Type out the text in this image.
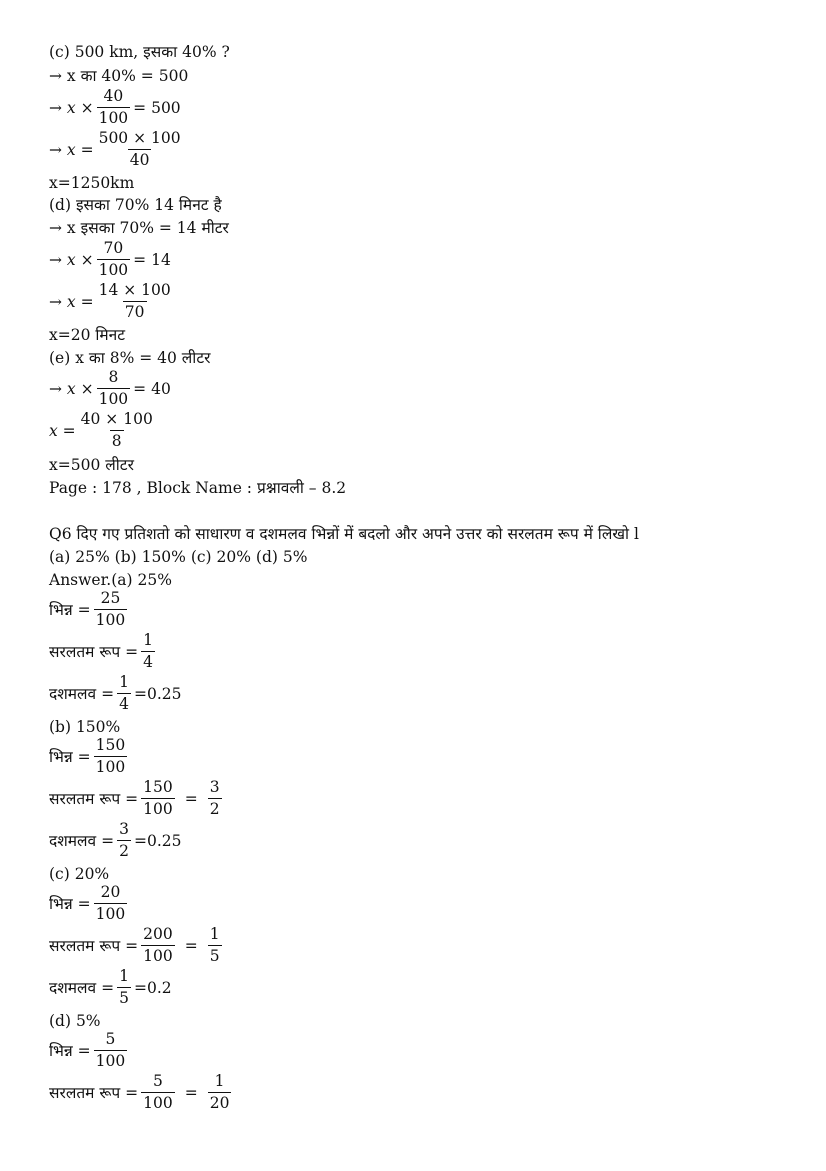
(c) 500 km, इसका 40% ?
→ x का 40% = 500
→ $x \times \frac{40}{100} = 500$
→ $x = \frac{500 \times 100}{40}$
x=1250km
(d) इसका 70% 14 मिनट है
→ x इसका 70% = 14 मीटर
→ $x \times \frac{70}{100} = 14$
→ $x = \frac{14 \times 100}{70}$
x=20 मिनट
(e) x का 8% = 40 लीटर
→ $x \times \frac{8}{100} = 40$
$x = \frac{40 \times 100}{8}$
x=500 लीटर
Page : 178 , Block Name : प्रश्नावली – 8.2
Q6 दिए गए प्रतिशतो को साधारण व दशमलव भिन्नों में बदलो और अपने उत्तर को सरलतम रूप में लिखो l
(a) 25% (b) 150% (c) 20% (d) 5%
Answer.(a) 25%
भिन्न = $\frac{25}{100}$
सरलतम रूप = $\frac{1}{4}$
दशमलव = $\frac{1}{4} =0.25$
(b) 150%
भिन्न = $\frac{150}{100}$
सरलतम रूप = $\frac{150}{100} = \frac{3}{2}$
दशमलव = $\frac{3}{2} =0.25$
(c) 20%
भिन्न = $\frac{20}{100}$
सरलतम रूप = $\frac{200}{100} = \frac{1}{5}$
दशमलव = $\frac{1}{5} =0.2$
(d) 5%
भिन्न = $\frac{5}{100}$
सरलतम रूप = $\frac{5}{100} = \frac{1}{20}$
